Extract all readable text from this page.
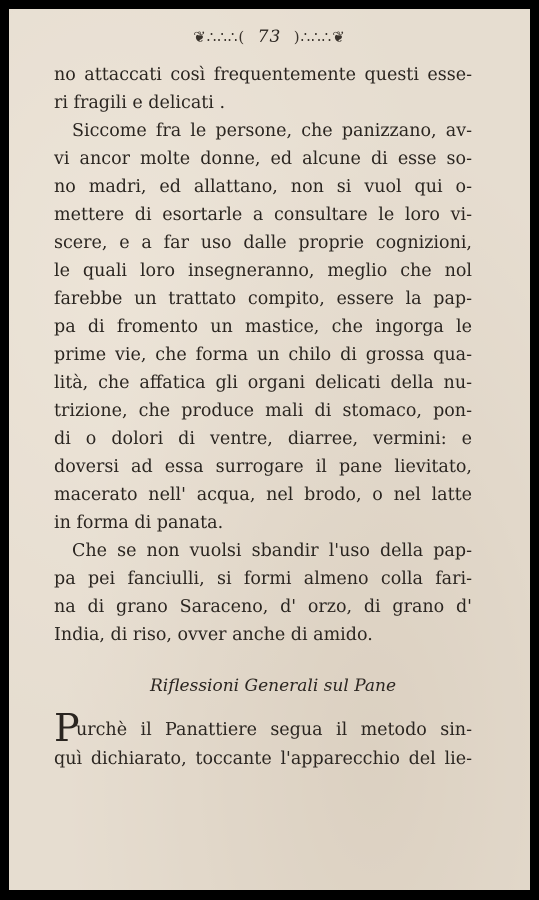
❦∴∴∴( 73 )∴∴∴❦
no attaccati così frequentemente questi esse-
ri fragili e delicati .
Siccome fra le persone, che panizzano, av-
vi ancor molte donne, ed alcune di esse so-
no madri, ed allattano, non si vuol qui o-
mettere di esortarle a consultare le loro vi-
scere, e a far uso dalle proprie cognizioni,
le quali loro insegneranno, meglio che nol
farebbe un trattato compito, essere la pap-
pa di fromento un mastice, che ingorga le
prime vie, che forma un chilo di grossa qua-
lità, che affatica gli organi delicati della nu-
trizione, che produce mali di stomaco, pon-
di o dolori di ventre, diarree, vermini: e
doversi ad essa surrogare il pane lievitato,
macerato nell' acqua, nel brodo, o nel latte
in forma di panata.
Che se non vuolsi sbandir l'uso della pap-
pa pei fanciulli, si formi almeno colla fari-
na di grano Saraceno, d' orzo, di grano d'
India, di riso, ovver anche di amido.
Riflessioni Generali sul Pane
P
urchè il Panattiere segua il metodo sin-
quì dichiarato, toccante l'apparecchio del lie-
